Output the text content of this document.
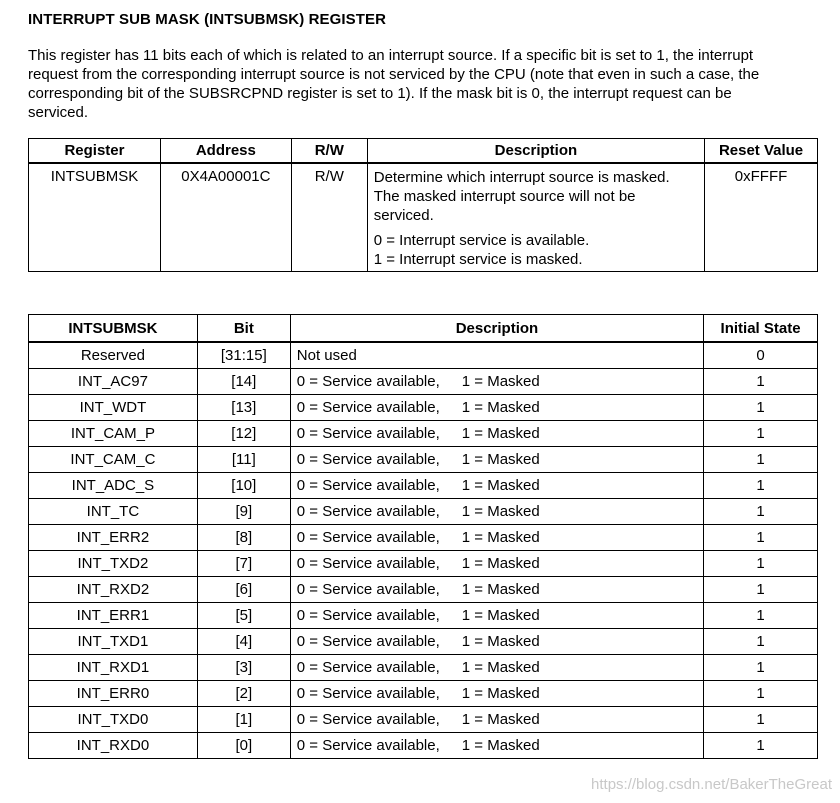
INTERRUPT SUB MASK (INTSUBMSK) REGISTER

This register has 11 bits each of which is related to an interrupt source. If a specific bit is set to 1, the interrupt
request from the corresponding interrupt source is not serviced by the CPU (note that even in such a case, the
corresponding bit of the SUBSRCPND register is set to 1). If the mask bit is 0, the interrupt request can be
serviced.

Register	Address	R/W	Description	Reset Value
INTSUBMSK	0X4A00001C	R/W	Determine which interrupt source is masked.
The masked interrupt source will not be
serviced.
0 = Interrupt service is available.
1 = Interrupt service is masked.	0xFFFF
INTSUBMSK	Bit	Description	Initial State
Reserved	[31:15]	Not used	0
INT_AC97	[14]	0 = Service available, 1 = Masked	1
INT_WDT	[13]	0 = Service available, 1 = Masked	1
INT_CAM_P	[12]	0 = Service available, 1 = Masked	1
INT_CAM_C	[11]	0 = Service available, 1 = Masked	1
INT_ADC_S	[10]	0 = Service available, 1 = Masked	1
INT_TC	[9]	0 = Service available, 1 = Masked	1
INT_ERR2	[8]	0 = Service available, 1 = Masked	1
INT_TXD2	[7]	0 = Service available, 1 = Masked	1
INT_RXD2	[6]	0 = Service available, 1 = Masked	1
INT_ERR1	[5]	0 = Service available, 1 = Masked	1
INT_TXD1	[4]	0 = Service available, 1 = Masked	1
INT_RXD1	[3]	0 = Service available, 1 = Masked	1
INT_ERR0	[2]	0 = Service available, 1 = Masked	1
INT_TXD0	[1]	0 = Service available, 1 = Masked	1
INT_RXD0	[0]	0 = Service available, 1 = Masked	1
https://blog.csdn.net/BakerTheGreat
